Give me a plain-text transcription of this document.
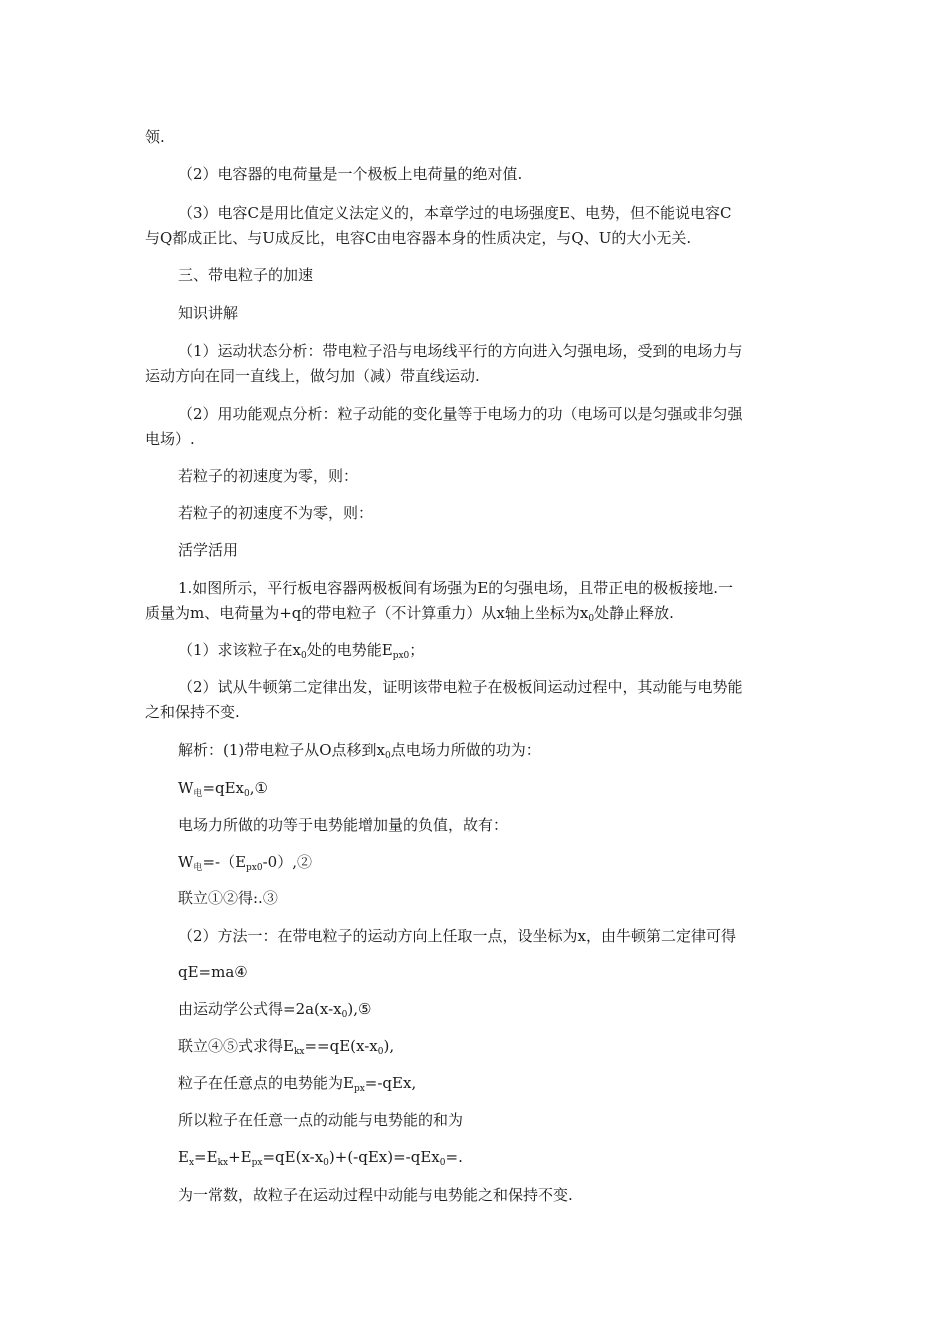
领.
（2）电容器的电荷量是一个极板上电荷量的绝对值.
（3）电容C是用比值定义法定义的，本章学过的电场强度E、电势，但不能说电容C
与Q都成正比、与U成反比，电容C由电容器本身的性质决定，与Q、U的大小无关.
三、带电粒子的加速
知识讲解
（1）运动状态分析：带电粒子沿与电场线平行的方向进入匀强电场，受到的电场力与
运动方向在同一直线上，做匀加（减）带直线运动.
（2）用功能观点分析：粒子动能的变化量等于电场力的功（电场可以是匀强或非匀强
电场）.
若粒子的初速度为零，则：
若粒子的初速度不为零，则：
活学活用
1.如图所示，平行板电容器两极板间有场强为E的匀强电场，且带正电的极板接地.一
质量为m、电荷量为+q的带电粒子（不计算重力）从x轴上坐标为$x_0$处静止释放.
（1）求该粒子在$x_0$处的电势能$E_{px0}$；
（2）试从牛顿第二定律出发，证明该带电粒子在极板间运动过程中，其动能与电势能
之和保持不变.
解析：(1)带电粒子从O点移到$x_0$点电场力所做的功为：
$W_电=qEx_0,①$
电场力所做的功等于电势能增加量的负值，故有：
$W_电=-(E_{px0}-0),②$
联立①②得:.③
（2）方法一：在带电粒子的运动方向上任取一点，设坐标为x，由牛顿第二定律可得
qE=ma④
由运动学公式得$=2a(x-x_0),⑤$
联立④⑤式求得$E_{kx}==qE(x-x_0)$,
粒子在任意点的电势能为$E_{px}=$-qEx,
所以粒子在任意一点的动能与电势能的和为
$E_x=E_{kx}+E_{px}=qE(x-x_0)+(-qEx)=-qEx_0=$.
为一常数，故粒子在运动过程中动能与电势能之和保持不变.
